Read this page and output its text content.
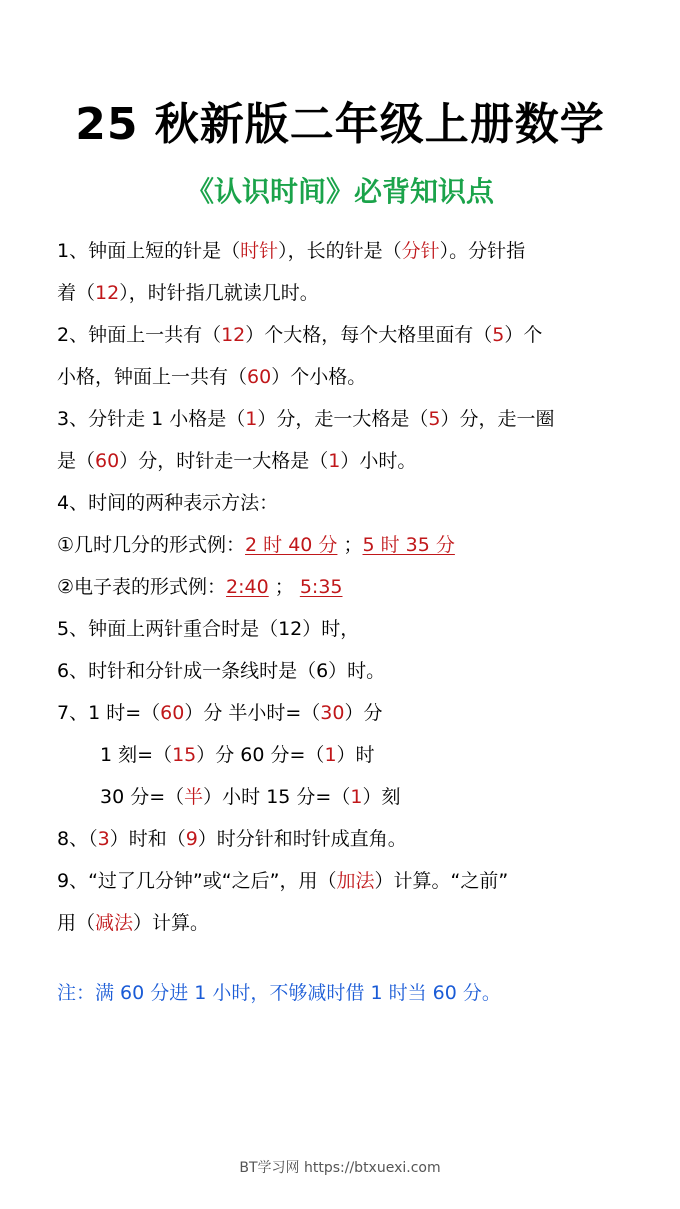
25 秋新版二年级上册数学
《认识时间》必背知识点
1、钟面上短的针是（时针），长的针是（分针）。分针指
着（12），时针指几就读几时。
2、钟面上一共有（12）个大格，每个大格里面有（5）个
小格，钟面上一共有（60）个小格。
3、分针走 1 小格是（1）分，走一大格是（5）分，走一圈
是（60）分，时针走一大格是（1）小时。
4、时间的两种表示方法：
①几时几分的形式例：2 时 40 分 ；5 时 35 分
②电子表的形式例：2:40 ； 5:35
5、钟面上两针重合时是（12）时，
6、时针和分针成一条线时是（6）时。
7、1 时=（60）分 半小时=（30）分
1 刻=（15）分 60 分=（1）时
30 分=（半）小时 15 分=（1）刻
8、（3）时和（9）时分针和时针成直角。
9、“过了几分钟”或“之后”，用（加法）计算。“之前”
用（减法）计算。
注：满 60 分进 1 小时，不够减时借 1 时当 60 分。
BT学习网 https://btxuexi.com
